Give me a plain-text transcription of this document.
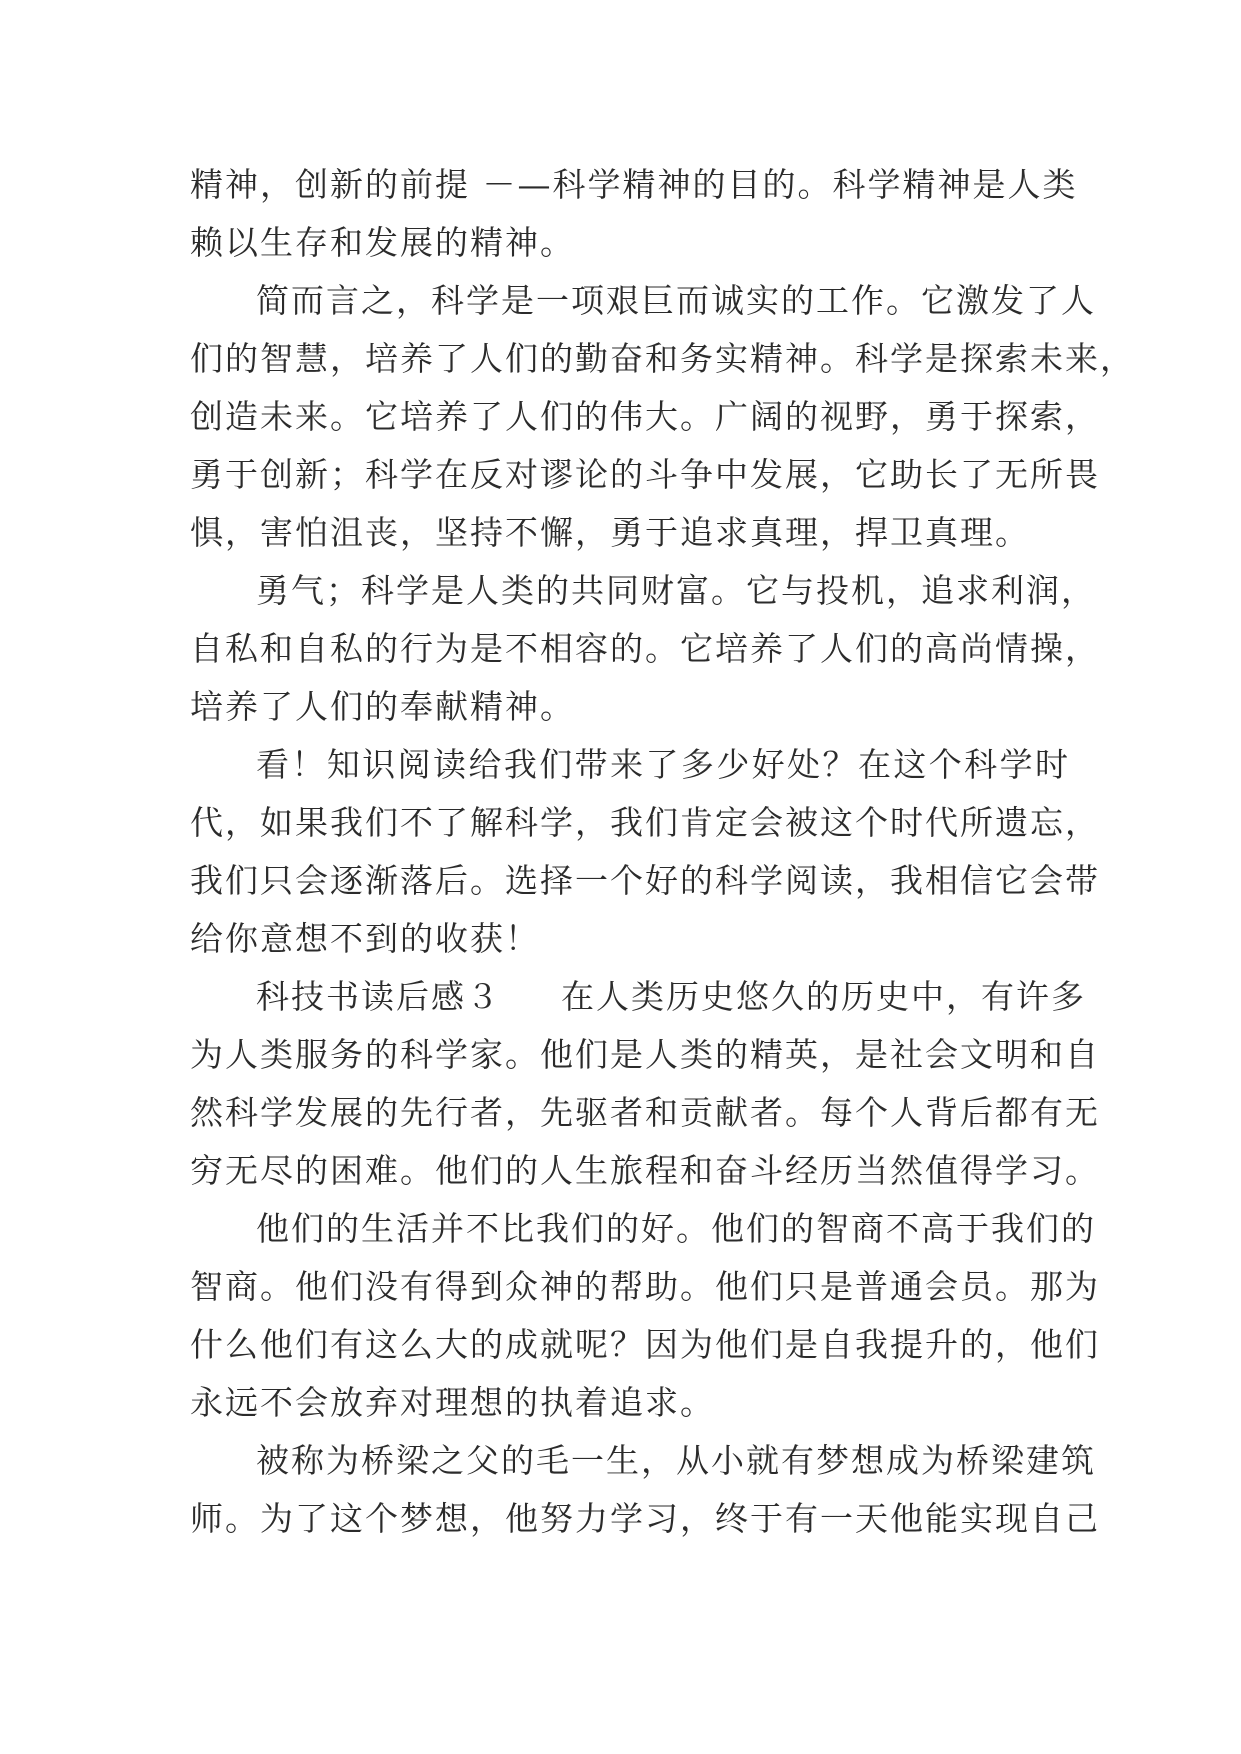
精神，创新的前提 －—科学精神的目的。科学精神是人类
赖以生存和发展的精神。
简而言之，科学是一项艰巨而诚实的工作。它激发了人
们的智慧，培养了人们的勤奋和务实精神。科学是探索未来，
创造未来。它培养了人们的伟大。广阔的视野，勇于探索，
勇于创新；科学在反对谬论的斗争中发展，它助长了无所畏
惧，害怕沮丧，坚持不懈，勇于追求真理，捍卫真理。
勇气；科学是人类的共同财富。它与投机，追求利润，
自私和自私的行为是不相容的。它培养了人们的高尚情操，
培养了人们的奉献精神。
看！知识阅读给我们带来了多少好处？在这个科学时
代，如果我们不了解科学，我们肯定会被这个时代所遗忘，
我们只会逐渐落后。选择一个好的科学阅读，我相信它会带
给你意想不到的收获！
科技书读后感３ 在人类历史悠久的历史中，有许多
为人类服务的科学家。他们是人类的精英，是社会文明和自
然科学发展的先行者，先驱者和贡献者。每个人背后都有无
穷无尽的困难。他们的人生旅程和奋斗经历当然值得学习。
他们的生活并不比我们的好。他们的智商不高于我们的
智商。他们没有得到众神的帮助。他们只是普通会员。那为
什么他们有这么大的成就呢？因为他们是自我提升的，他们
永远不会放弃对理想的执着追求。
被称为桥梁之父的毛一生，从小就有梦想成为桥梁建筑
师。为了这个梦想，他努力学习，终于有一天他能实现自己
